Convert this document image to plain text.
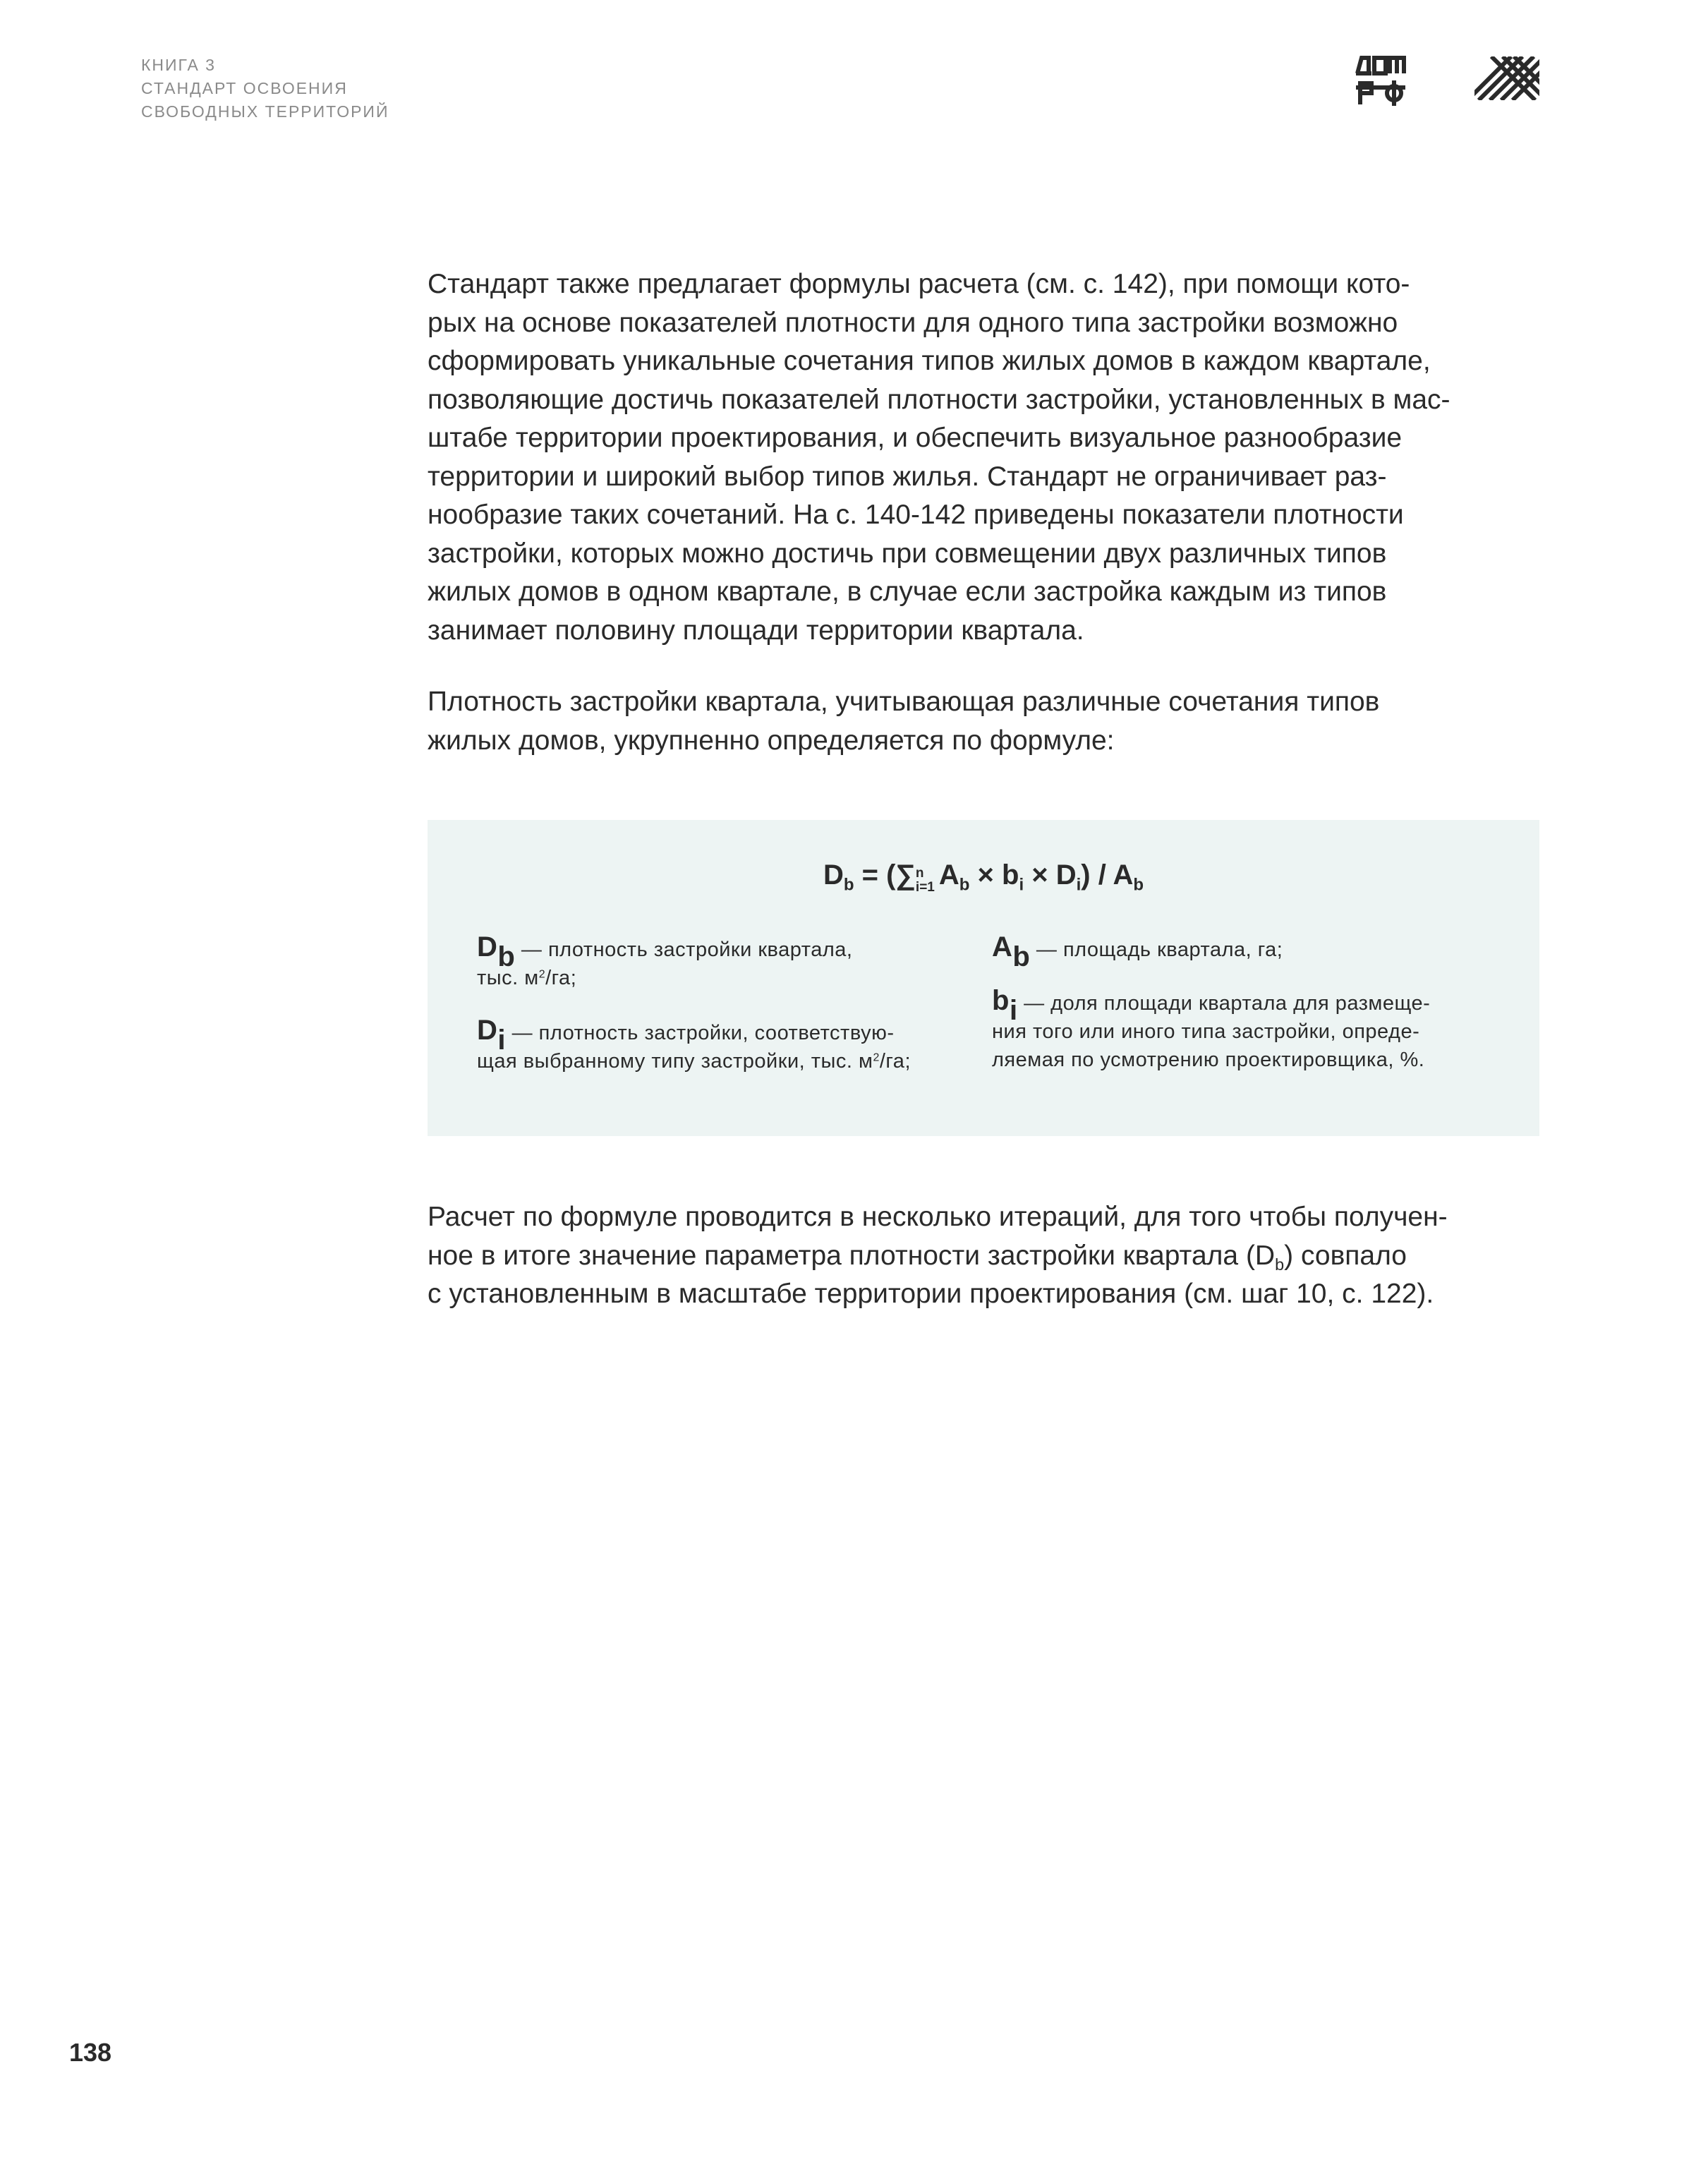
КНИГА 3
СТАНДАРТ ОСВОЕНИЯ
СВОБОДНЫХ ТЕРРИТОРИЙ
Стандарт также предлагает формулы расчета (см. с. 142), при помощи кото-
рых на основе показателей плотности для одного типа застройки возможно
сформировать уникальные сочетания типов жилых домов в каждом квартале,
позволяющие достичь показателей плотности застройки, установленных в мас-
штабе территории проектирования, и обеспечить визуальное разнообразие
территории и широкий выбор типов жилья. Стандарт не ограничивает раз-
нообразие таких сочетаний. На с. 140-142 приведены показатели плотности
застройки, которых можно достичь при совмещении двух различных типов
жилых домов в одном квартале, в случае если застройка каждым из типов
занимает половину площади территории квартала.
Плотность застройки квартала, учитывающая различные сочетания типов
жилых домов, укрупненно определяется по формуле:
$D_b$ = (∑ n
i=1 $A_b \times b_i \times D_i) / A_b$
$D_b$ — плотность застройки квартала,
тыс. $м^2/га$;
$D_i$ — плотность застройки, соответствую-
щая выбранному типу застройки, тыс. $м^2/га$;
$A_b$ — площадь квартала, га;
$b_i$ — доля площади квартала для размеще-
ния того или иного типа застройки, опреде-
ляемая по усмотрению проектировщика, %.
Расчет по формуле проводится в несколько итераций, для того чтобы получен-
ное в итоге значение параметра плотности застройки квартала $(D_b)$ совпало
с установленным в масштабе территории проектирования (см. шаг 10, с. 122).
138
